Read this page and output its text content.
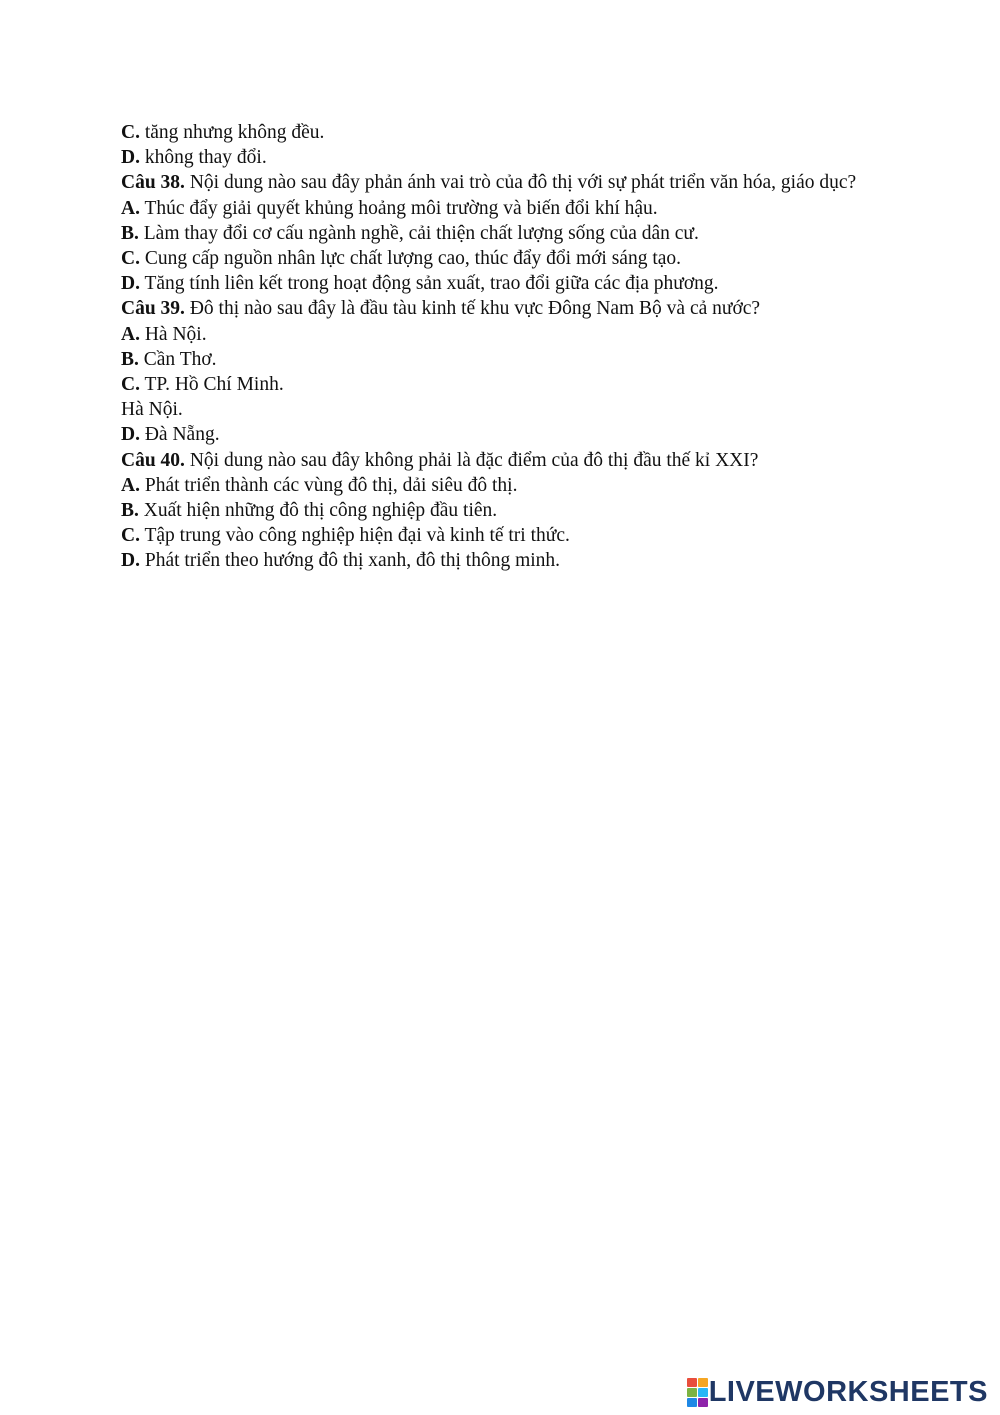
C. tăng nhưng không đều.
D. không thay đổi.
Câu 38. Nội dung nào sau đây phản ánh vai trò của đô thị với sự phát triển văn hóa, giáo dục?
A. Thúc đẩy giải quyết khủng hoảng môi trường và biến đổi khí hậu.
B. Làm thay đổi cơ cấu ngành nghề, cải thiện chất lượng sống của dân cư.
C. Cung cấp nguồn nhân lực chất lượng cao, thúc đẩy đổi mới sáng tạo.
D. Tăng tính liên kết trong hoạt động sản xuất, trao đổi giữa các địa phương.
Câu 39. Đô thị nào sau đây là đầu tàu kinh tế khu vực Đông Nam Bộ và cả nước?
A. Hà Nội.
B. Cần Thơ.
C. TP. Hồ Chí Minh.
Hà Nội.
D. Đà Nẵng.
Câu 40. Nội dung nào sau đây không phải là đặc điểm của đô thị đầu thế kỉ XXI?
A. Phát triển thành các vùng đô thị, dải siêu đô thị.
B. Xuất hiện những đô thị công nghiệp đầu tiên.
C. Tập trung vào công nghiệp hiện đại và kinh tế tri thức.
D. Phát triển theo hướng đô thị xanh, đô thị thông minh.
LIVEWORKSHEETS
